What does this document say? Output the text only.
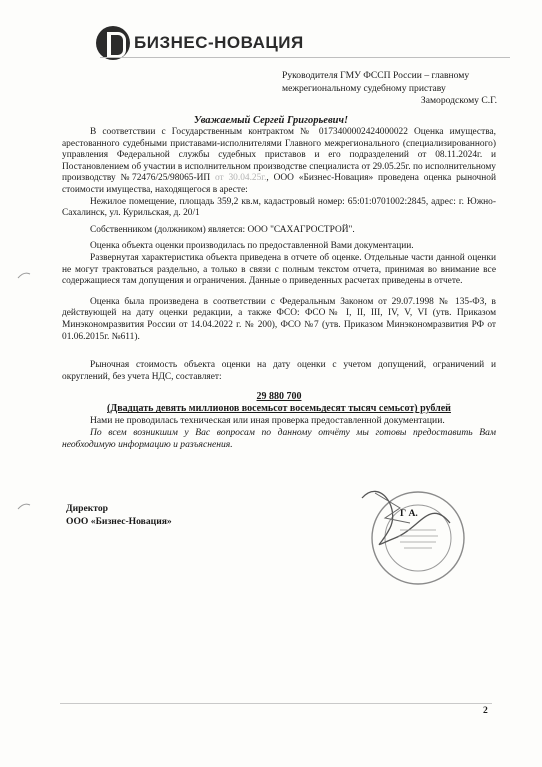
БИЗНЕС-НОВАЦИЯ
Руководителя ГМУ ФССП России – главному
межрегиональному судебному приставу
Замородскому С.Г.
Уважаемый Сергей Григорьевич!

В соответствии с Государственным контрактом № 0173400002424000022 Оценка имущества, арестованного судебными приставами-исполнителями Главного межрегионального (специализированного) управления Федеральной службы судебных приставов и его подразделений от 08.11.2024г. и Постановлением об участии в исполнительном производстве специалиста от 29.05.25г. по исполнительному производству №72476/25/98065-ИП от 30.04.25г., ООО «Бизнес-Новация» проведена оценка рыночной стоимости имущества, находящегося в аресте:

Нежилое помещение, площадь 359,2 кв.м, кадастровый номер: 65:01:0701002:2845, адрес: г. Южно-Сахалинск, ул. Курильская, д. 20/1

Собственником (должником) является: ООО "САХАГРОСТРОЙ".

Оценка объекта оценки производилась по предоставленной Вами документации.

Развернутая характеристика объекта приведена в отчете об оценке. Отдельные части данной оценки не могут трактоваться раздельно, а только в связи с полным текстом отчета, принимая во внимание все содержащиеся там допущения и ограничения. Данные о приведенных расчетах приведены в отчете.

Оценка была произведена в соответствии с Федеральным Законом от 29.07.1998 № 135-ФЗ, в действующей на дату оценки редакции, а также ФСО: ФСО№ I, II, III, IV, V, VI (утв. Приказом Минэкономразвития России от 14.04.2022 г. № 200), ФСО №7 (утв. Приказом Минэкономразвития РФ от 01.06.2015г. №611).

Рыночная стоимость объекта оценки на дату оценки с учетом допущений, ограничений и округлений, без учета НДС, составляет:

29 880 700
(Двадцать девять миллионов восемьсот восемьдесят тысяч семьсот) рублей

Нами не проводилась техническая или иная проверка предоставленной документации.

По всем возникшим у Вас вопросам по данному отчёту мы готовы предоставить Вам необходимую информацию и разъяснения.

Директор
ООО «Бизнес-Новация»
Г А.
2
